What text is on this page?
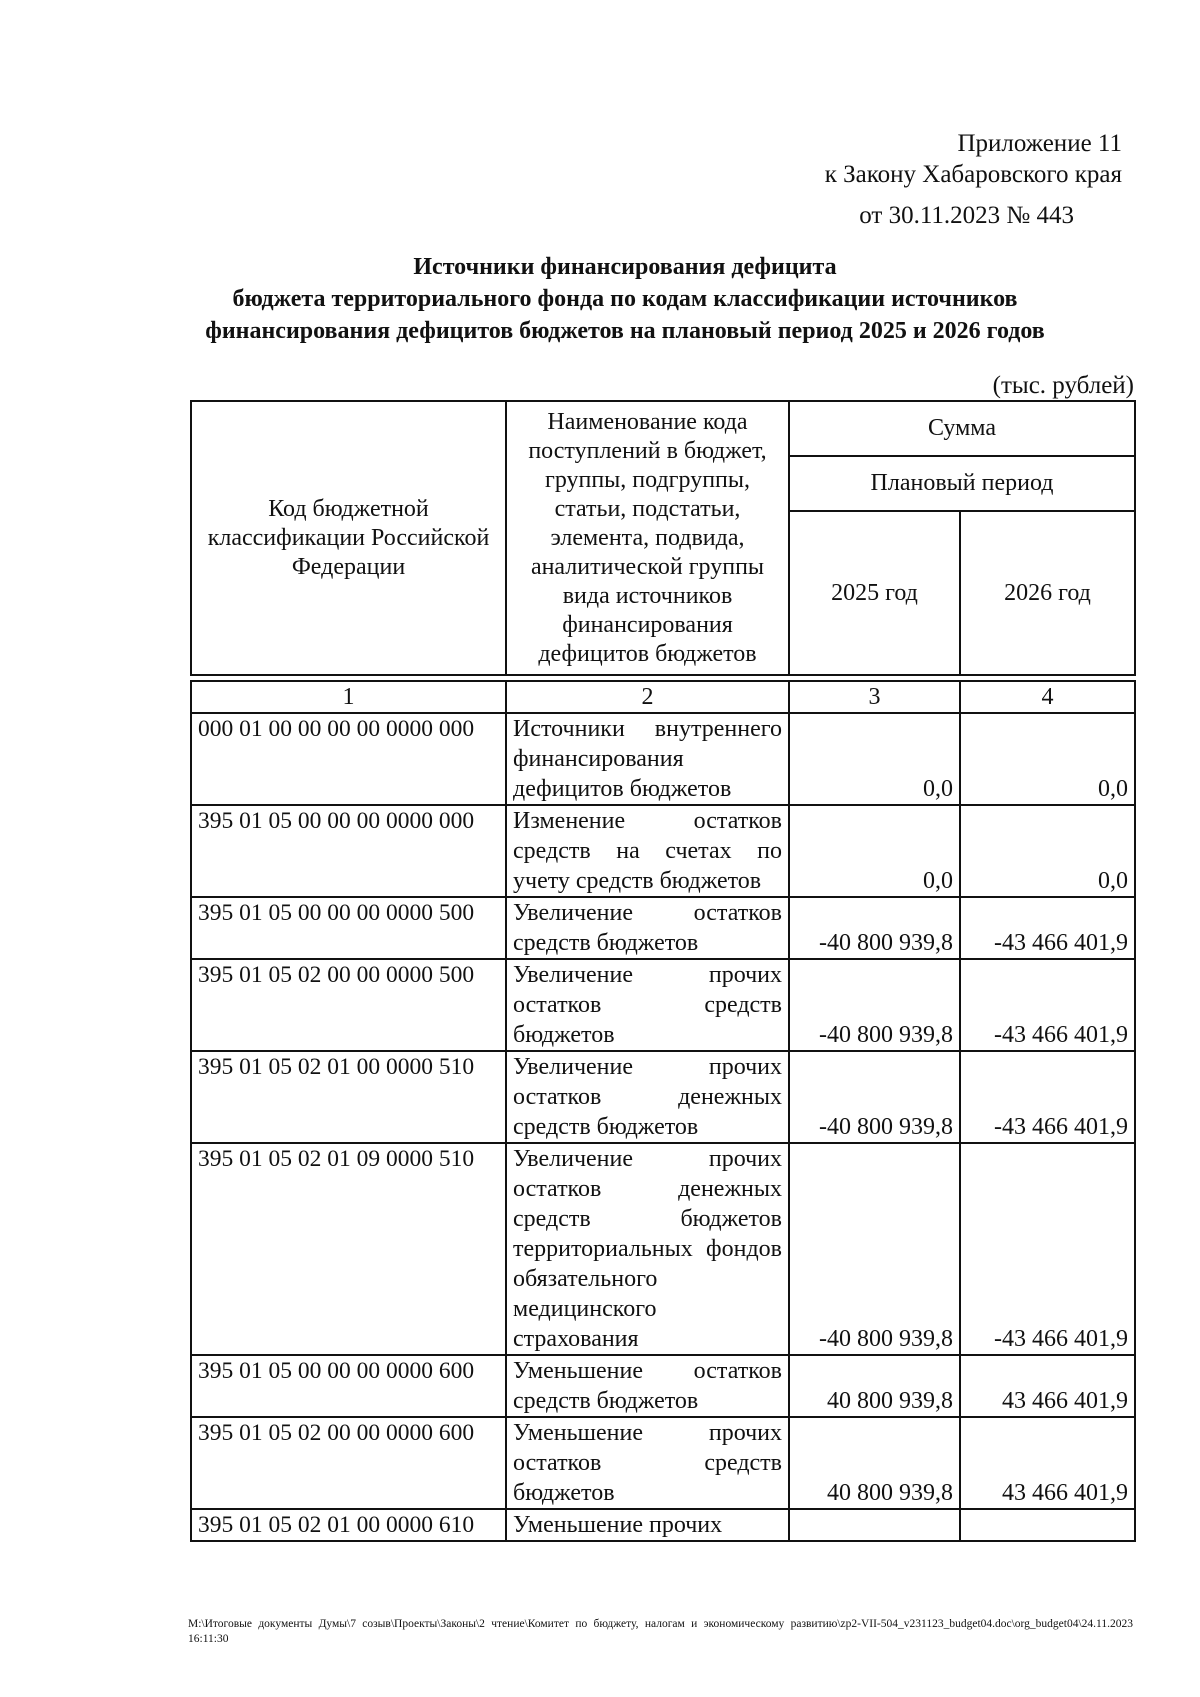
Приложение 11
к Закону Хабаровского края
от 30.11.2023 № 443
Источники финансирования дефицита
бюджета территориального фонда по кодам классификации источников
финансирования дефицитов бюджетов на плановый период 2025 и 2026 годов
(тыс. рублей)
Код бюджетной классификации Российской Федерации	Наименование кода поступлений в бюджет, группы, подгруппы, статьи, подстатьи, элемента, подвида, аналитической группы вида источников финансирования дефицитов бюджетов	Сумма	
		Плановый период	
		2025 год	2026 год
1	2	3	4
000 01 00 00 00 00 0000 000	Источники внутреннего финансирования дефицитов бюджетов	0,0	0,0
395 01 05 00 00 00 0000 000	Изменение остатков средств на счетах по учету средств бюджетов	0,0	0,0
395 01 05 00 00 00 0000 500	Увеличение остатков средств бюджетов	-40 800 939,8	-43 466 401,9
395 01 05 02 00 00 0000 500	Увеличение прочих остатков средств бюджетов	-40 800 939,8	-43 466 401,9
395 01 05 02 01 00 0000 510	Увеличение прочих остатков денежных средств бюджетов	-40 800 939,8	-43 466 401,9
395 01 05 02 01 09 0000 510	Увеличение прочих остатков денежных средств бюджетов территориальных фондов обязательного медицинского страхования	-40 800 939,8	-43 466 401,9
395 01 05 00 00 00 0000 600	Уменьшение остатков средств бюджетов	40 800 939,8	43 466 401,9
395 01 05 02 00 00 0000 600	Уменьшение прочих остатков средств бюджетов	40 800 939,8	43 466 401,9
395 01 05 02 01 00 0000 610	Уменьшение прочих		
M:\Итоговые документы Думы\7 созыв\Проекты\Законы\2 чтение\Комитет по бюджету, налогам и экономическому развитию\zp2-VII-504_v231123_budget04.doc\org_budget04\24.11.2023 16:11:30
